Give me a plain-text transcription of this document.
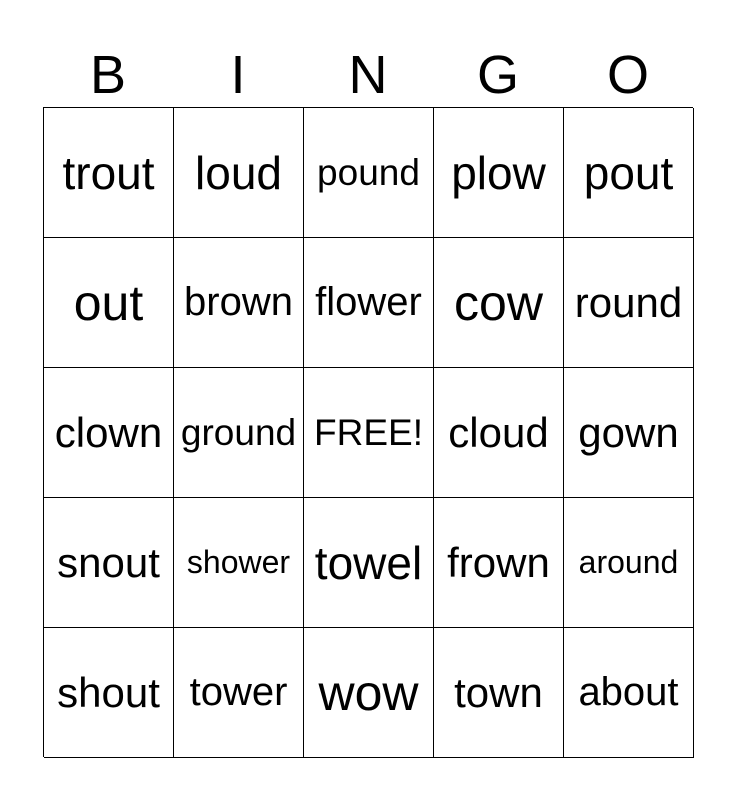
B	I	N	G	O
trout loud pound plow pout
out brown flower cow round
clown ground FREE! cloud gown
snout shower towel frown around
shout tower wow town about
